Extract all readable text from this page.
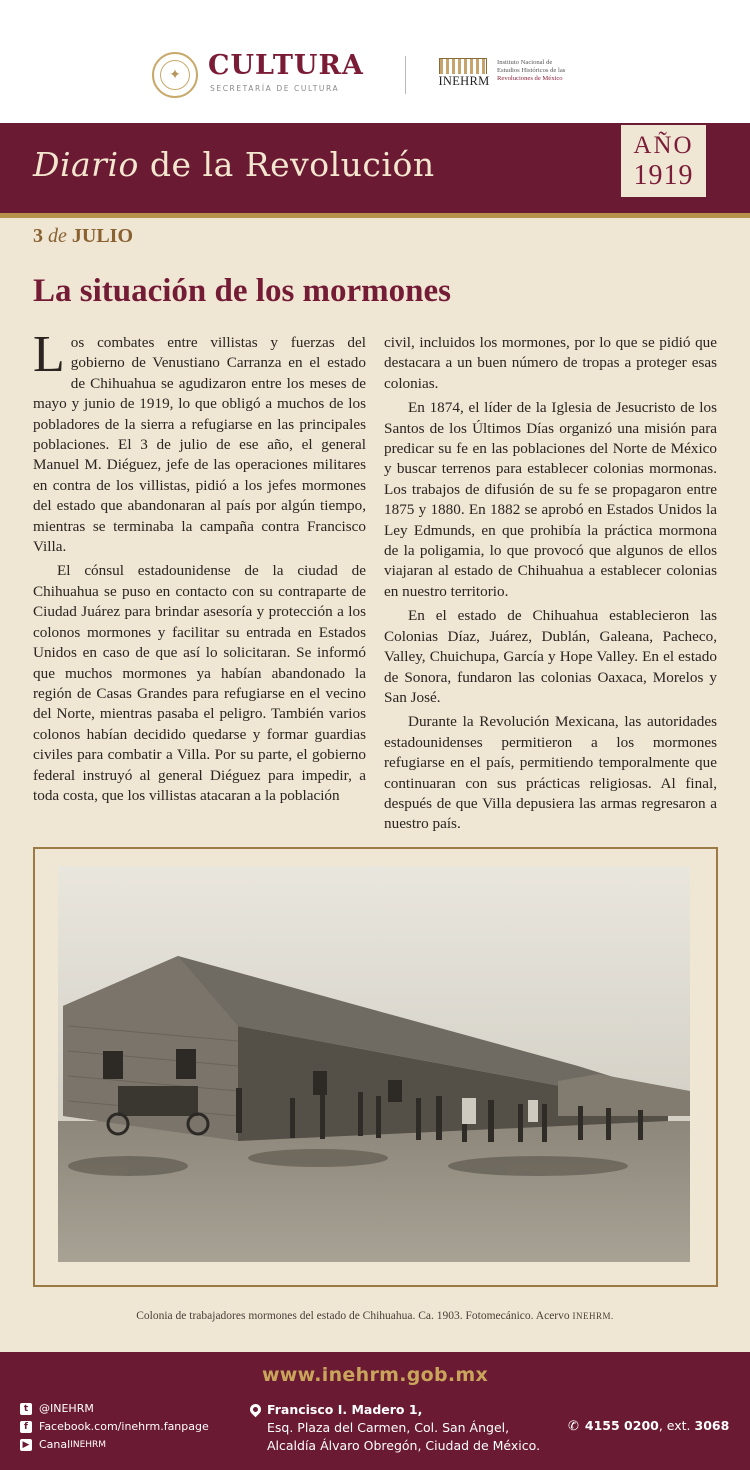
✦	CULTURA
SECRETARÍA DE CULTURA
INEHRM
Instituto Nacional de
Estudios Históricos de las
Revoluciones de México
Diario de la Revolución	AÑO
1919
3 de JULIO
La situación de los mormones

Los combates entre villistas y fuerzas del gobierno de Venustiano Carranza en el estado de Chihuahua se agudizaron entre los meses de mayo y junio de 1919, lo que obligó a muchos de los pobladores de la sierra a refugiarse en las principales poblaciones. El 3 de julio de ese año, el general Manuel M. Diéguez, jefe de las operaciones militares en contra de los villistas, pidió a los jefes mormones del estado que abandonaran al país por algún tiempo, mientras se terminaba la campaña contra Francisco Villa.

El cónsul estadounidense de la ciudad de Chihuahua se puso en contacto con su contraparte de Ciudad Juárez para brindar asesoría y protección a los colonos mormones y facilitar su entrada en Estados Unidos en caso de que así lo solicitaran. Se informó que muchos mormones ya habían abandonado la región de Casas Grandes para refugiarse en el vecino del Norte, mientras pasaba el peligro. También varios colonos habían decidido quedarse y formar guardias civiles para combatir a Villa. Por su parte, el gobierno federal instruyó al general Diéguez para impedir, a toda costa, que los villistas atacaran a la población

civil, incluidos los mormones, por lo que se pidió que destacara a un buen número de tropas a proteger esas colonias.

En 1874, el líder de la Iglesia de Jesucristo de los Santos de los Últimos Días organizó una misión para predicar su fe en las poblaciones del Norte de México y buscar terrenos para establecer colonias mormonas. Los trabajos de difusión de su fe se propagaron entre 1875 y 1880. En 1882 se aprobó en Estados Unidos la Ley Edmunds, en que prohibía la práctica mormona de la poligamia, lo que provocó que algunos de ellos viajaran al estado de Chihuahua a establecer colonias en nuestro territorio.

En el estado de Chihuahua establecieron las Colonias Díaz, Juárez, Dublán, Galeana, Pacheco, Valley, Chuichupa, García y Hope Valley. En el estado de Sonora, fundaron las colonias Oaxaca, Morelos y San José.

Durante la Revolución Mexicana, las autoridades estadounidenses permitieron a los mormones refugiarse en el país, permitiendo temporalmente que continuaran con sus prácticas religiosas. Al final, después de que Villa depusiera las armas regresaron a nuestro país.

Colonia de trabajadores mormones del estado de Chihuahua. Ca. 1903. Fotomecánico. Acervo INEHRM.
www.inehrm.gob.mx
t @INEHRM
f	Facebook.com/inehrm.fanpage
▶ Canal INEHRM
Francisco I. Madero 1,
Esq. Plaza del Carmen, Col. San Ángel,
Alcaldía Álvaro Obregón, Ciudad de México.
✆ 4155 0200, ext. 3068
